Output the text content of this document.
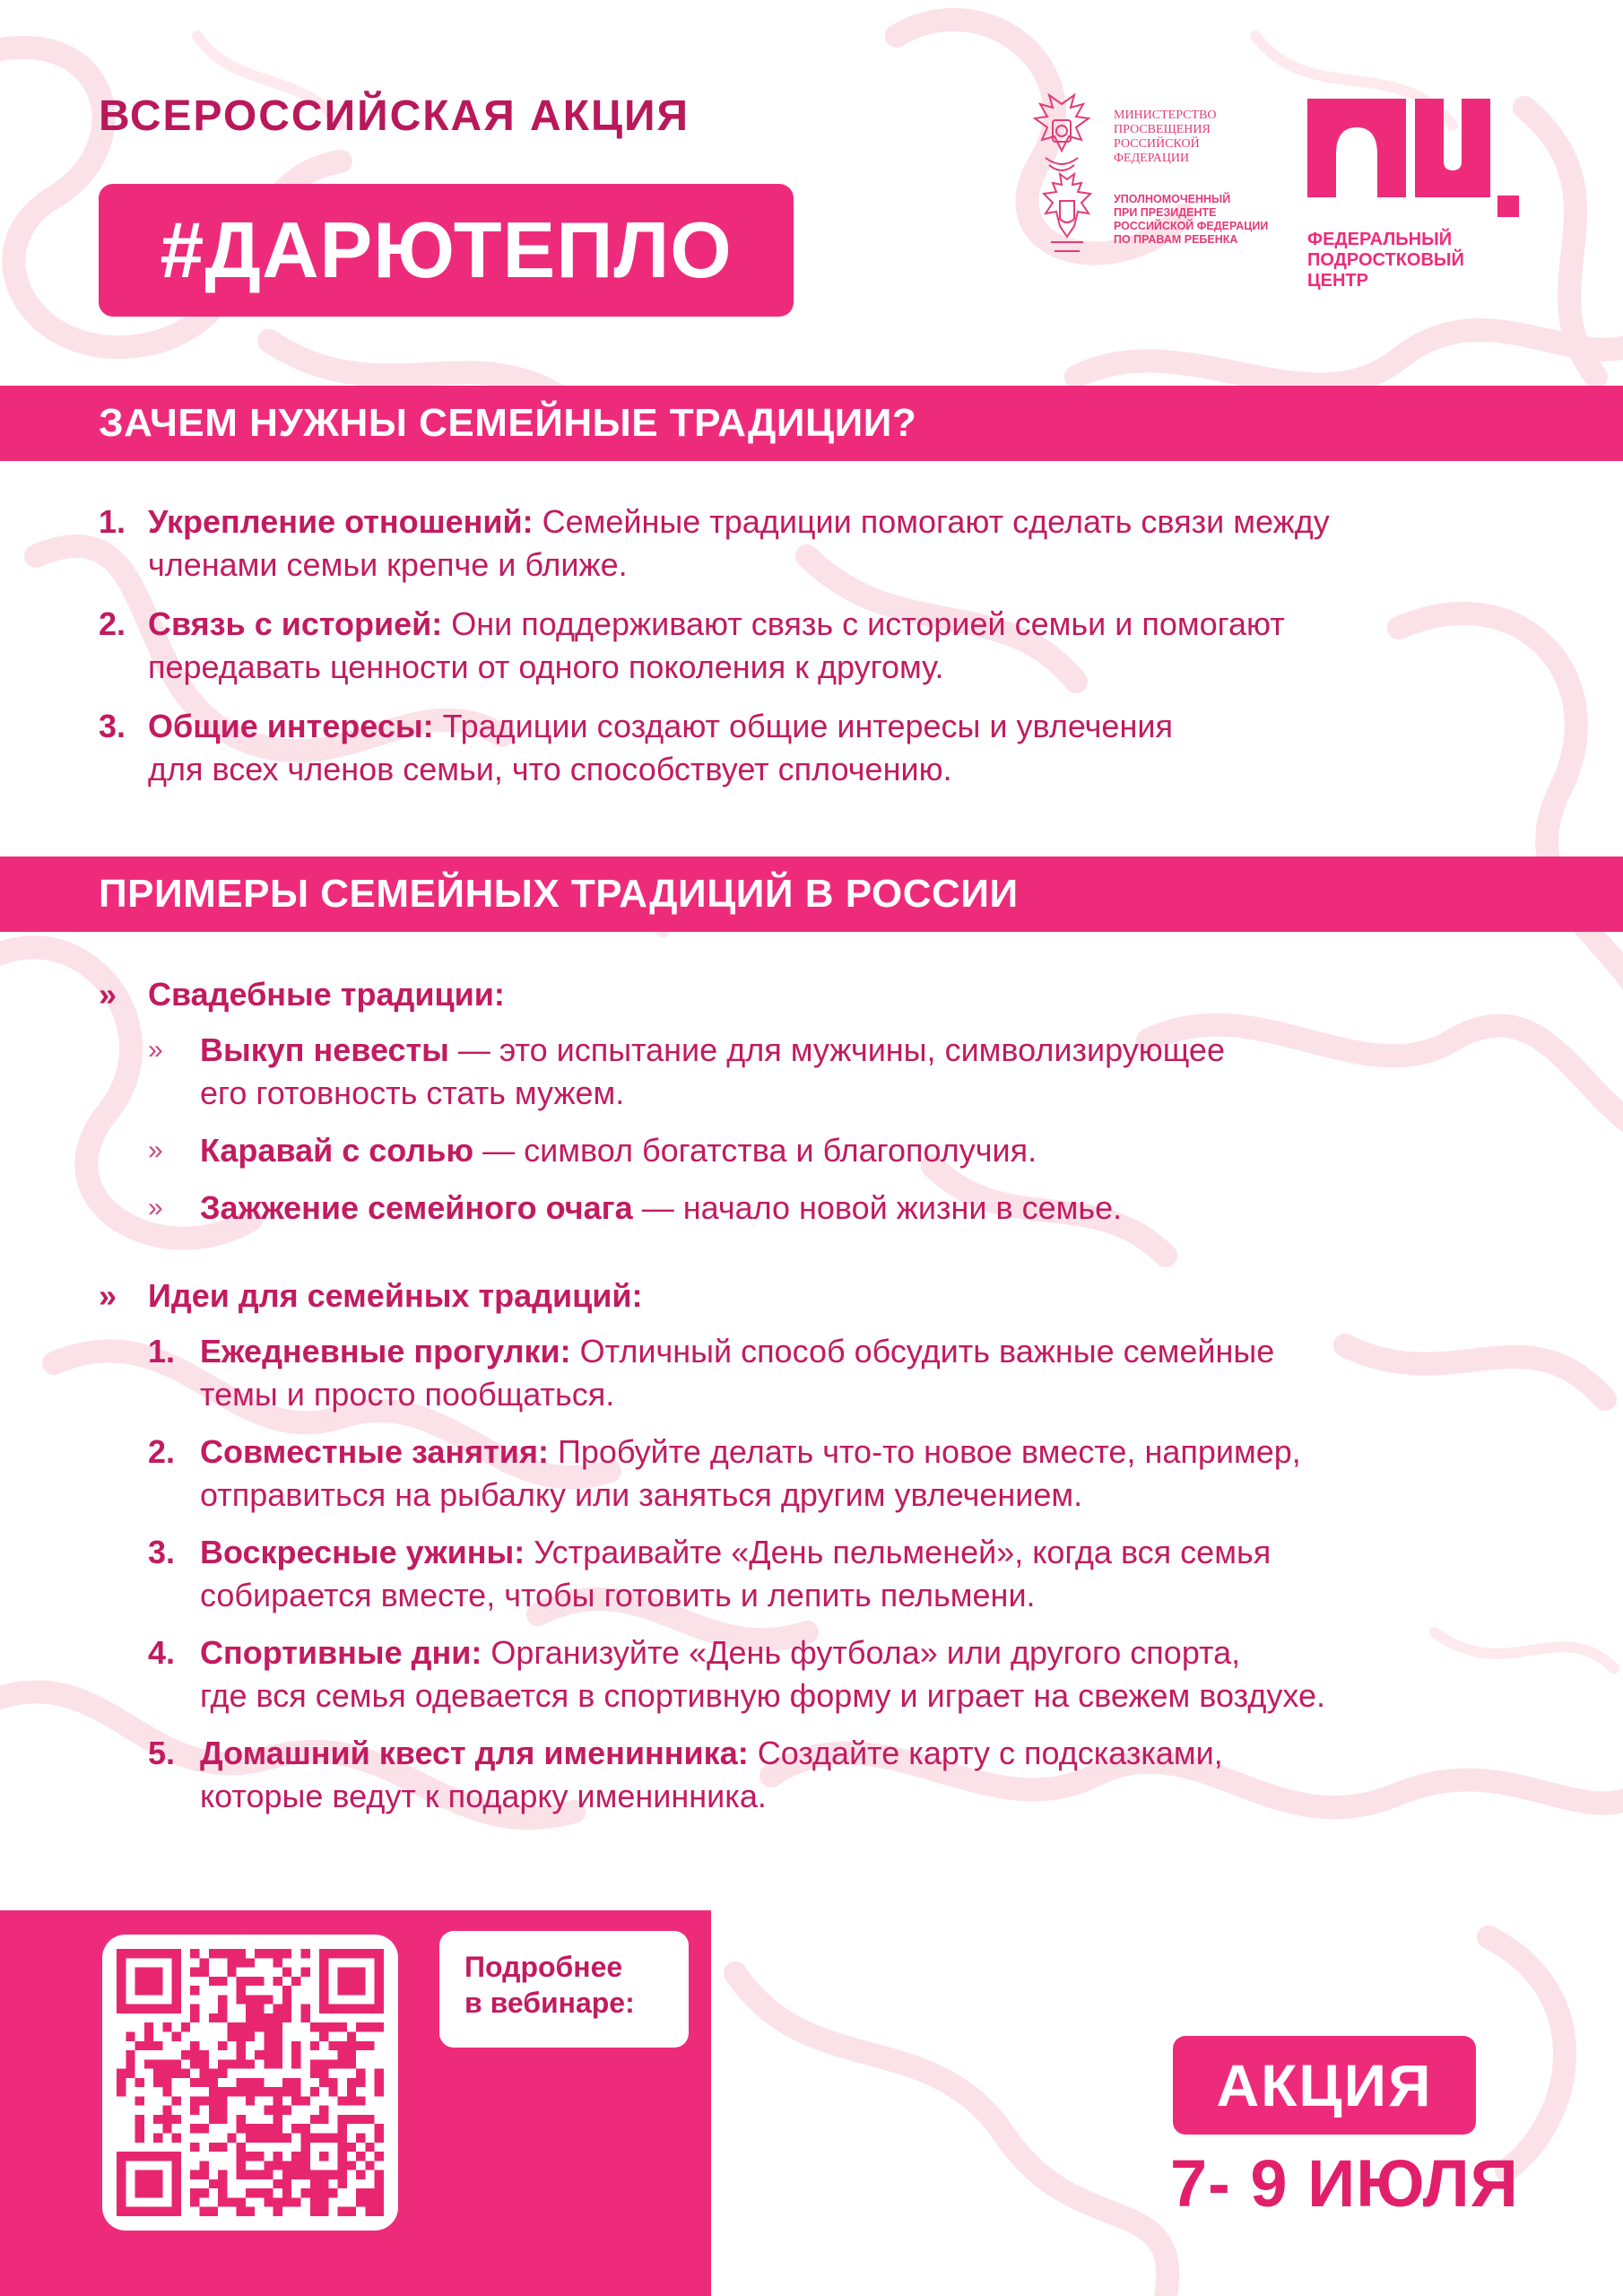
ВСЕРОССИЙСКАЯ АКЦИЯ
#ДАРЮТЕПЛО
МИНИСТЕРСТВО
ПРОСВЕЩЕНИЯ
РОССИЙСКОЙ
ФЕДЕРАЦИИ
УПОЛНОМОЧЕННЫЙ
ПРИ ПРЕЗИДЕНТЕ
РОССИЙСКОЙ ФЕДЕРАЦИИ
ПО ПРАВАМ РЕБЕНКА	ФЕДЕРАЛЬНЫЙ
ПОДРОСТКОВЫЙ
ЦЕНТР
ЗАЧЕМ НУЖНЫ СЕМЕЙНЫЕ ТРАДИЦИИ?
1. Укрепление отношений: Семейные традиции помогают сделать связи между
членами семьи крепче и ближе.
2. Связь с историей: Они поддерживают связь с историей семьи и помогают
передавать ценности от одного поколения к другому.
3. Общие интересы: Традиции создают общие интересы и увлечения
для всех членов семьи, что способствует сплочению.
ПРИМЕРЫ СЕМЕЙНЫХ ТРАДИЦИЙ В РОССИИ
» Свадебные традиции:
»	Выкуп невесты — это испытание для мужчины, символизирующее
его готовность стать мужем.
»	Каравай с солью — символ богатства и благополучия.
»	Зажжение семейного очага — начало новой жизни в семье.
» Идеи для семейных традиций:
1. Ежедневные прогулки: Отличный способ обсудить важные семейные
темы и просто пообщаться.
2. Совместные занятия: Пробуйте делать что-то новое вместе, например,
отправиться на рыбалку или заняться другим увлечением.
3. Воскресные ужины: Устраивайте «День пельменей», когда вся семья
собирается вместе, чтобы готовить и лепить пельмени.
4. Спортивные дни: Организуйте «День футбола» или другого спорта,
где вся семья одевается в спортивную форму и играет на свежем воздухе.
5. Домашний квест для именинника: Создайте карту с подсказками,
которые ведут к подарку именинника.
Подробнее
в вебинаре:
АКЦИЯ
7- 9 ИЮЛЯ
